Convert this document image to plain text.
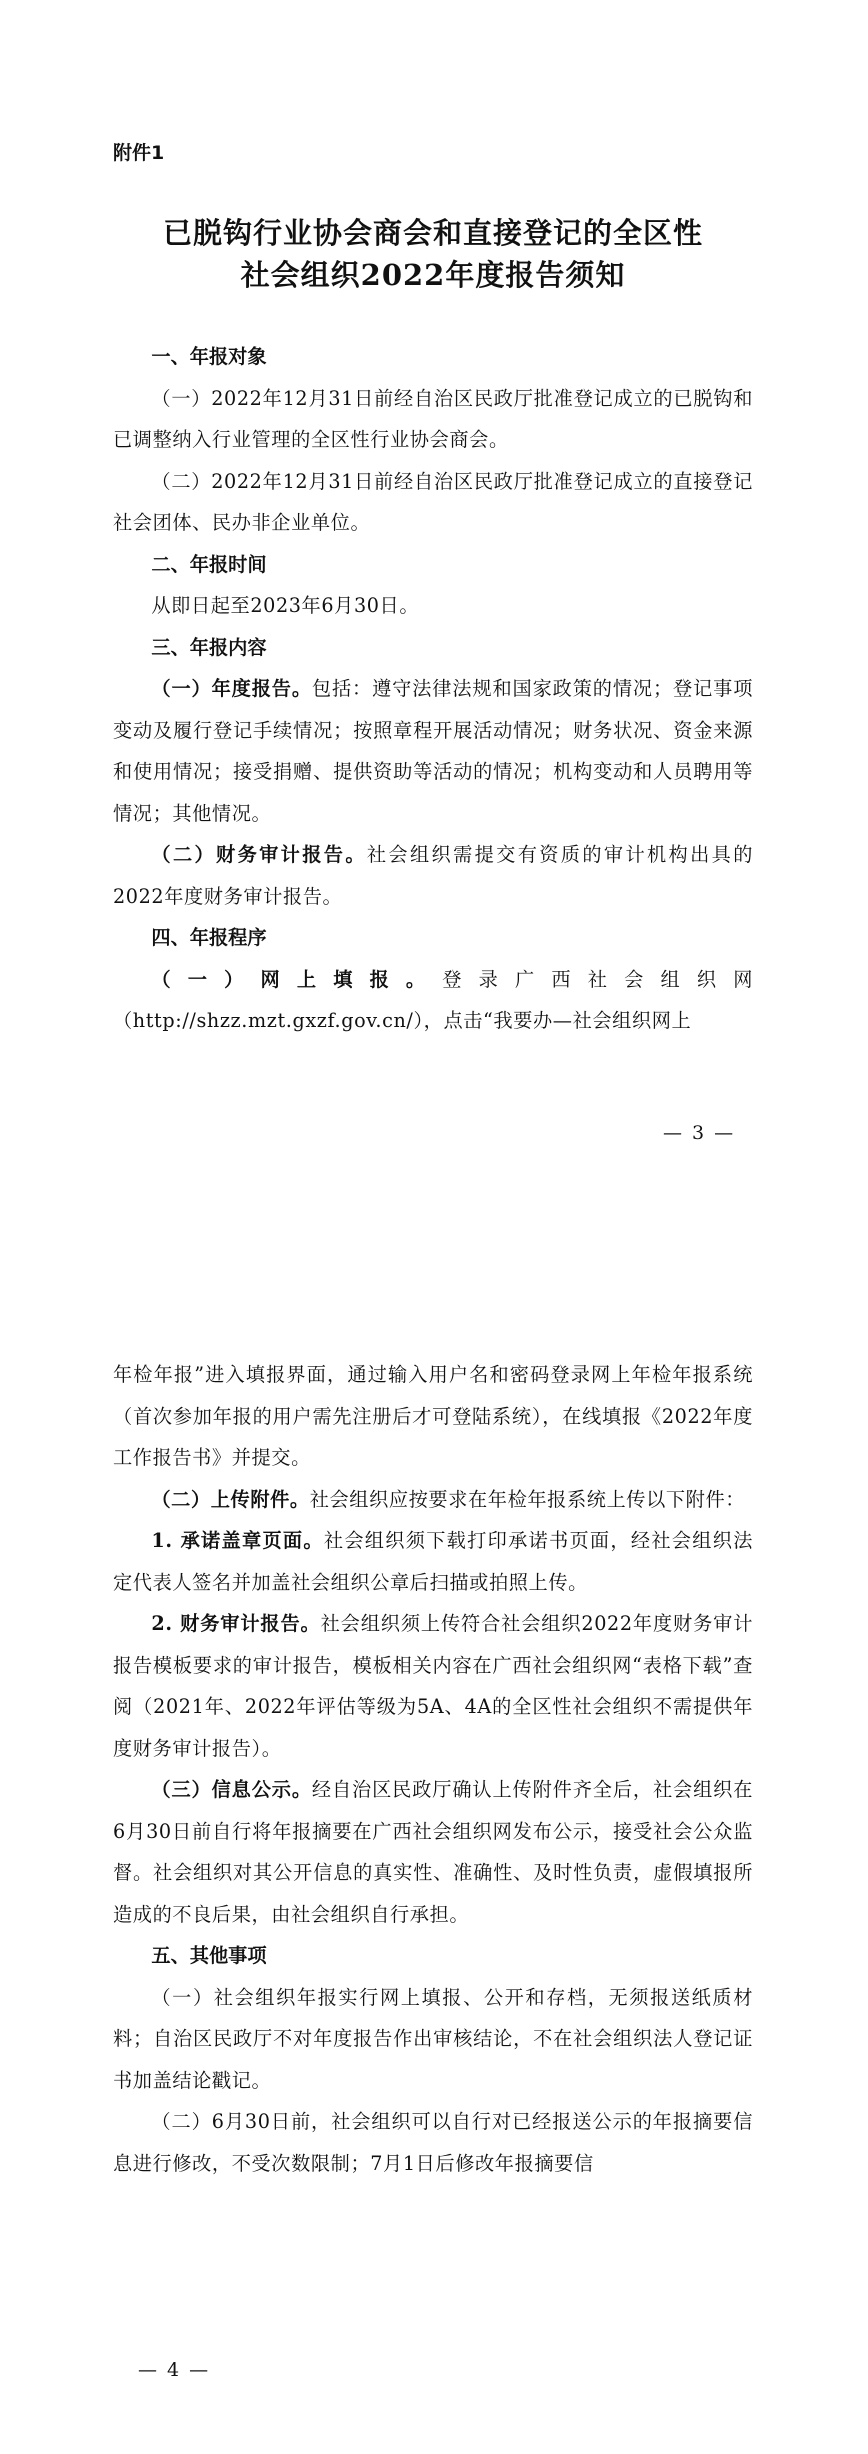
附件1
已脱钩行业协会商会和直接登记的全区性
社会组织2022年度报告须知

一、年报对象

（一）2022年12月31日前经自治区民政厅批准登记成立的已脱钩和已调整纳入行业管理的全区性行业协会商会。

（二）2022年12月31日前经自治区民政厅批准登记成立的直接登记社会团体、民办非企业单位。

二、年报时间

从即日起至2023年6月30日。

三、年报内容

（一）年度报告。包括：遵守法律法规和国家政策的情况；登记事项变动及履行登记手续情况；按照章程开展活动情况；财务状况、资金来源和使用情况；接受捐赠、提供资助等活动的情况；机构变动和人员聘用等情况；其他情况。

（二）财务审计报告。社会组织需提交有资质的审计机构出具的2022年度财务审计报告。

四、年报程序

（一）网上填报。登录广西社会组织网

（http://shzz.mzt.gxzf.gov.cn/），点击“我要办—社会组织网上

— 3 —

年检年报”进入填报界面，通过输入用户名和密码登录网上年检年报系统（首次参加年报的用户需先注册后才可登陆系统），在线填报《2022年度工作报告书》并提交。

（二）上传附件。社会组织应按要求在年检年报系统上传以下附件：

1. 承诺盖章页面。社会组织须下载打印承诺书页面，经社会组织法定代表人签名并加盖社会组织公章后扫描或拍照上传。

2. 财务审计报告。社会组织须上传符合社会组织2022年度财务审计报告模板要求的审计报告，模板相关内容在广西社会组织网“表格下载”查阅（2021年、2022年评估等级为5A、4A的全区性社会组织不需提供年度财务审计报告）。

（三）信息公示。经自治区民政厅确认上传附件齐全后，社会组织在6月30日前自行将年报摘要在广西社会组织网发布公示，接受社会公众监督。社会组织对其公开信息的真实性、准确性、及时性负责，虚假填报所造成的不良后果，由社会组织自行承担。

五、其他事项

（一）社会组织年报实行网上填报、公开和存档，无须报送纸质材料；自治区民政厅不对年度报告作出审核结论，不在社会组织法人登记证书加盖结论戳记。

（二）6月30日前，社会组织可以自行对已经报送公示的年报摘要信息进行修改，不受次数限制；7月1日后修改年报摘要信

— 4 —
